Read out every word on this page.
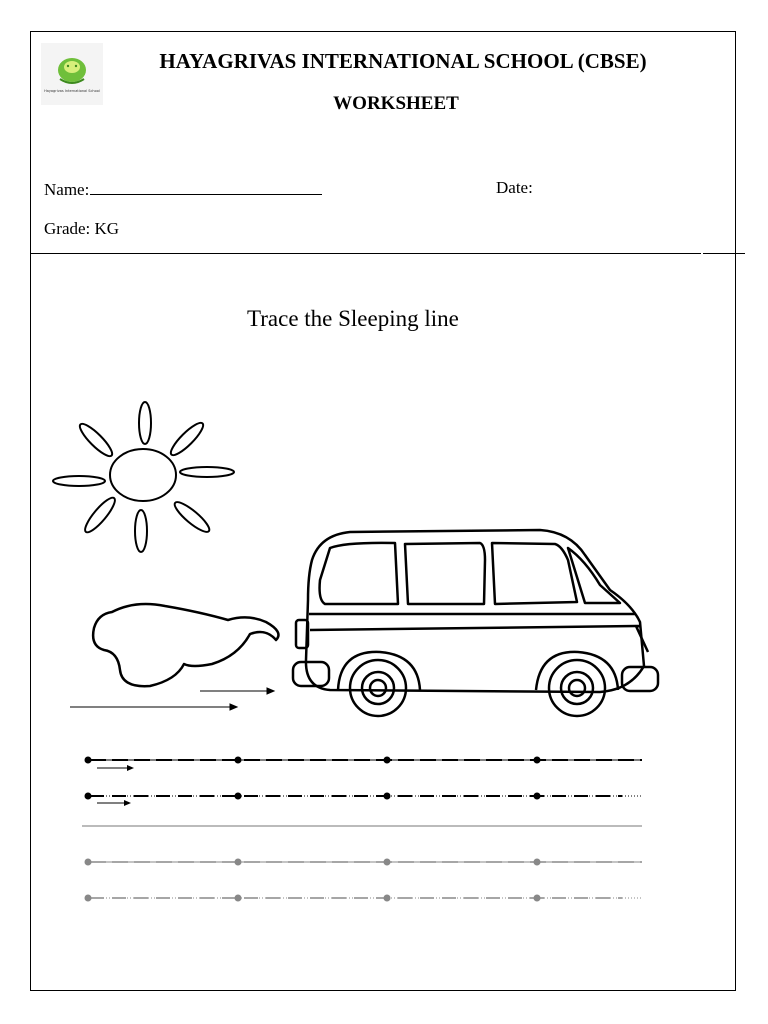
Hayagrivas International School
HAYAGRIVAS INTERNATIONAL SCHOOL (CBSE)
WORKSHEET
Name:	Date:
Grade: KG
Trace the Sleeping line
